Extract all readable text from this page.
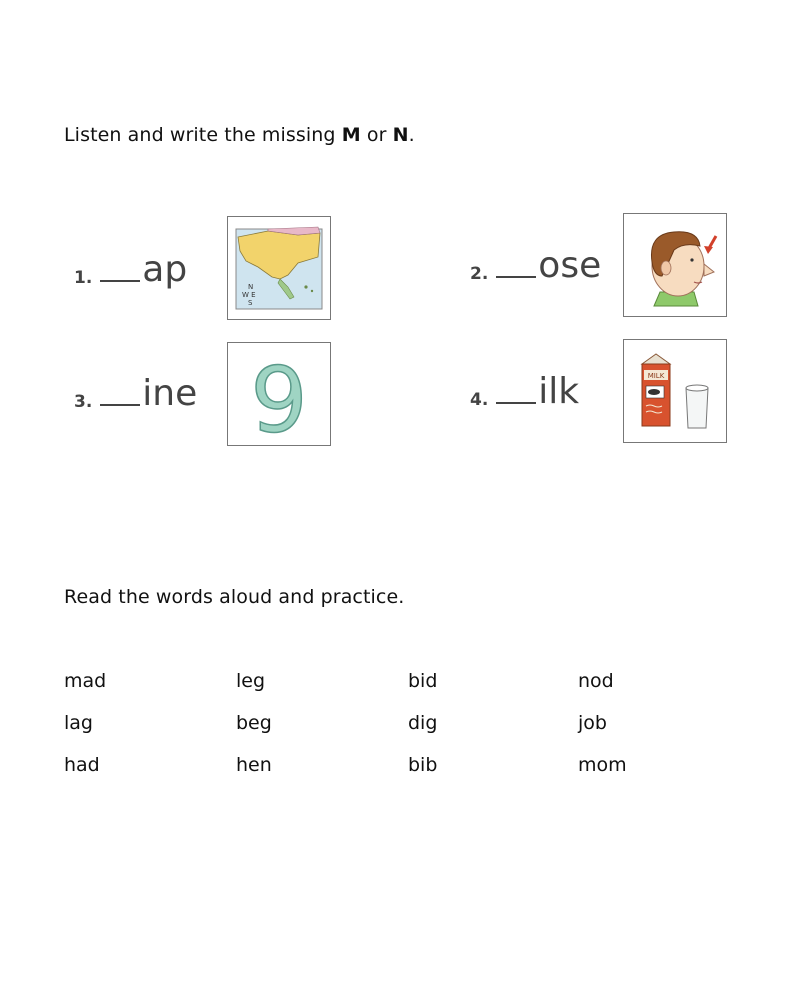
Listen and write the missing M or N.
1. ap	N
W E
S
2. ose
3. ine 9	4. ilk	MILK
Read the words aloud and practice.
mad	leg	bid	nod
lag	beg	dig	job
had	hen	bib	mom
